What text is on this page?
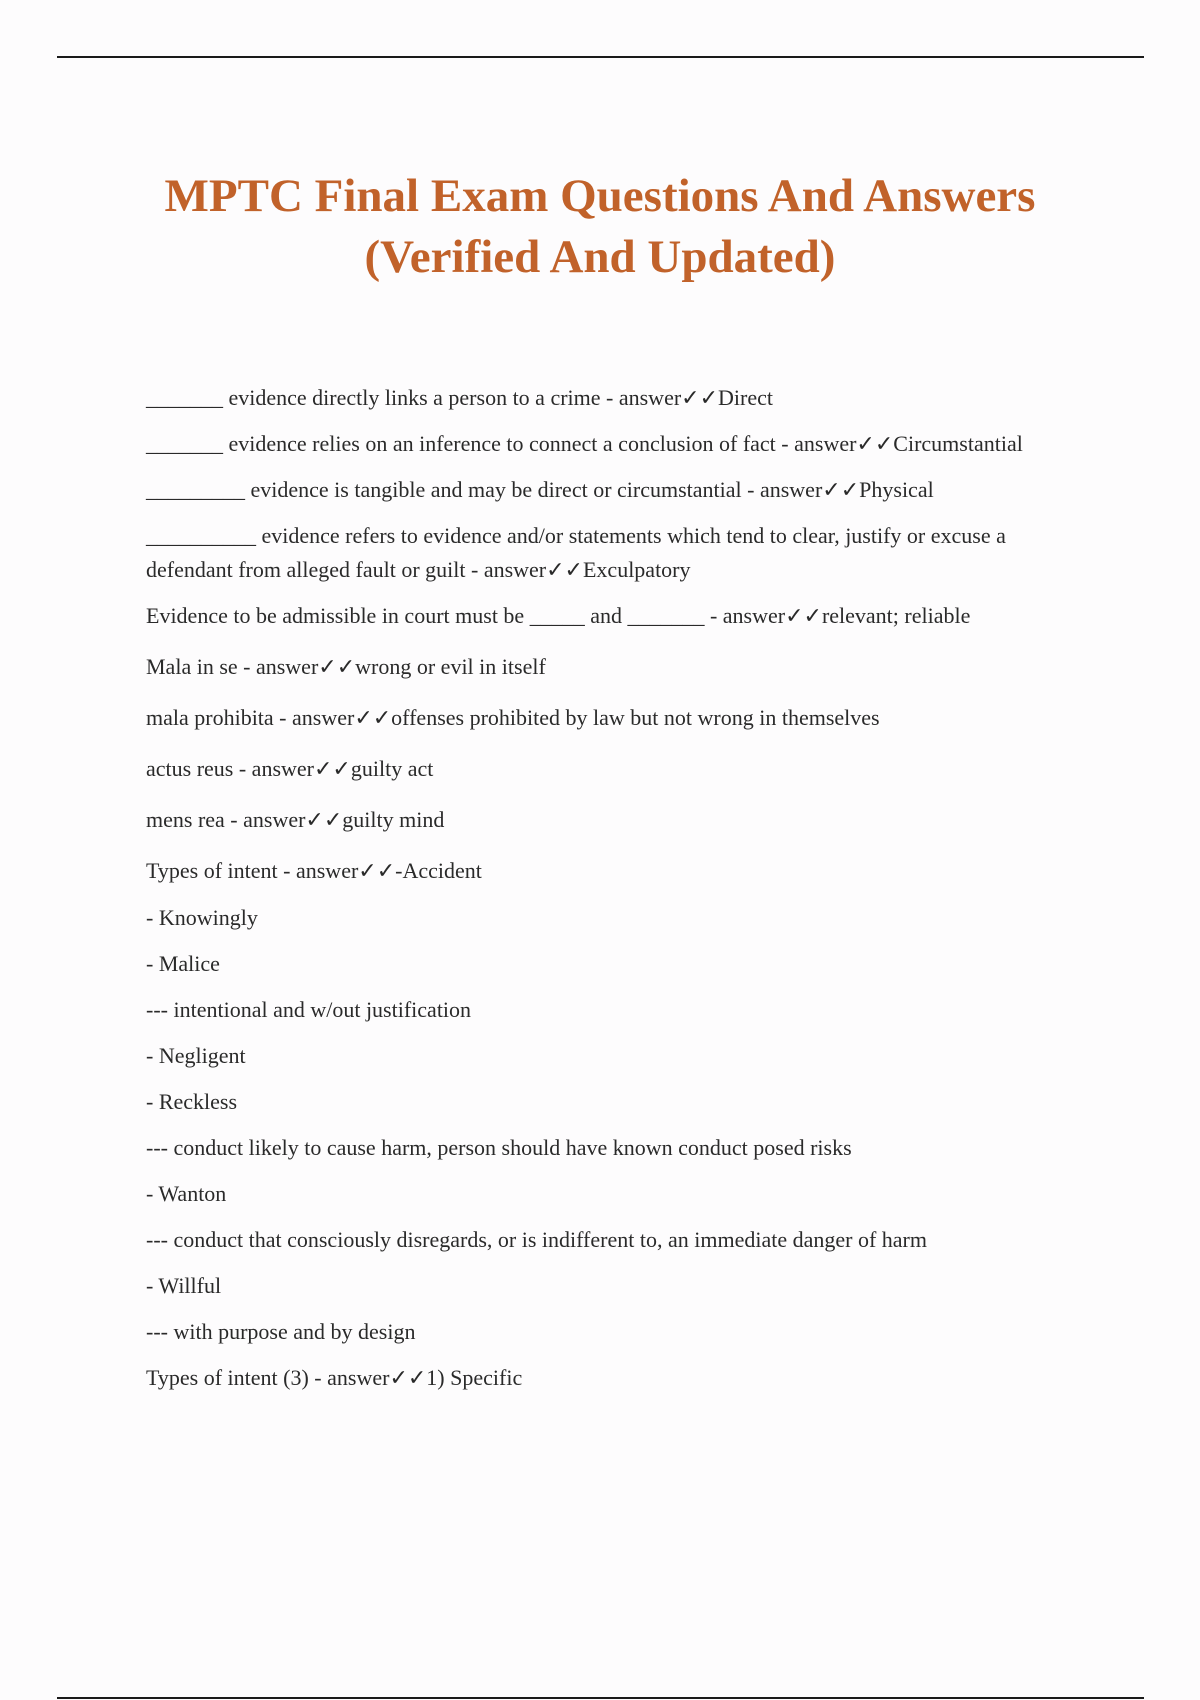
MPTC Final Exam Questions And Answers
(Verified And Updated)

_______ evidence directly links a person to a crime - answer✓✓Direct

_______ evidence relies on an inference to connect a conclusion of fact - answer✓✓Circumstantial

_________ evidence is tangible and may be direct or circumstantial - answer✓✓Physical

__________ evidence refers to evidence and/or statements which tend to clear, justify or excuse a defendant from alleged fault or guilt - answer✓✓Exculpatory

Evidence to be admissible in court must be _____ and _______ - answer✓✓relevant; reliable

Mala in se - answer✓✓wrong or evil in itself

mala prohibita - answer✓✓offenses prohibited by law but not wrong in themselves

actus reus - answer✓✓guilty act

mens rea - answer✓✓guilty mind

Types of intent - answer✓✓-Accident

- Knowingly

- Malice

--- intentional and w/out justification

- Negligent

- Reckless

--- conduct likely to cause harm, person should have known conduct posed risks

- Wanton

--- conduct that consciously disregards, or is indifferent to, an immediate danger of harm

- Willful

--- with purpose and by design

Types of intent (3) - answer✓✓1) Specific
